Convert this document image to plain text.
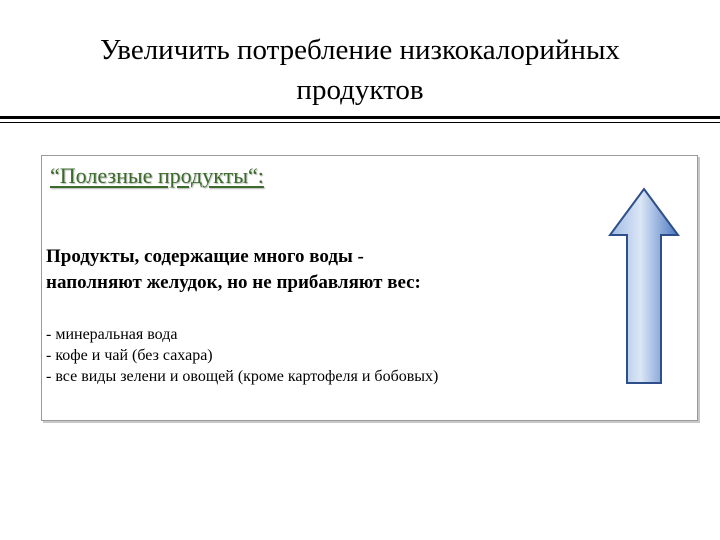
Увеличить потребление низкокалорийных
продуктов

“Полезные продукты“:

Продукты, содержащие много воды -
наполняют желудок, но не прибавляют вес:

- минеральная вода
- кофе и чай (без сахара)
- все виды зелени и овощей (кроме картофеля и бобовых)
